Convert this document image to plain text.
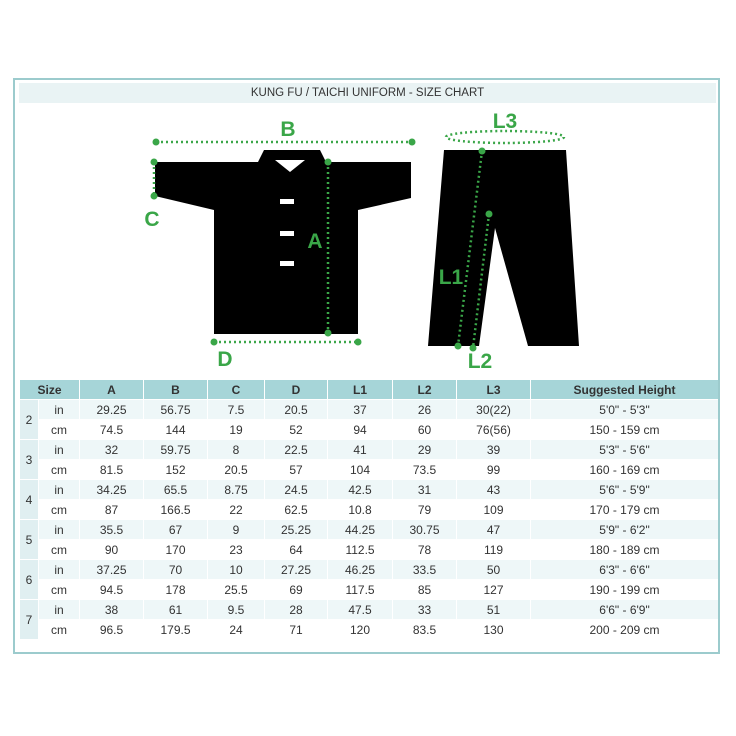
KUNG FU / TAICHI UNIFORM - SIZE CHART
B
C
A
D
L3
L1
L2
Size		A	B	C	D	L1	L2	L3	Suggested Height
2	in	29.25	56.75	7.5	20.5	37	26	30(22)	5'0" - 5'3"
	cm	74.5	144	19	52	94	60	76(56)	150 - 159 cm
3	in	32	59.75	8	22.5	41	29	39	5'3" - 5'6"
	cm	81.5	152	20.5	57	104	73.5	99	160 - 169 cm
4	in	34.25	65.5	8.75	24.5	42.5	31	43	5'6" - 5'9"
	cm	87	166.5	22	62.5	10.8	79	109	170 - 179 cm
5	in	35.5	67	9	25.25	44.25	30.75	47	5'9" - 6'2"
	cm	90	170	23	64	112.5	78	119	180 - 189 cm
6	in	37.25	70	10	27.25	46.25	33.5	50	6'3" - 6'6"
	cm	94.5	178	25.5	69	117.5	85	127	190 - 199 cm
7	in	38	61	9.5	28	47.5	33	51	6'6" - 6'9"
	cm	96.5	179.5	24	71	120	83.5	130	200 - 209 cm
